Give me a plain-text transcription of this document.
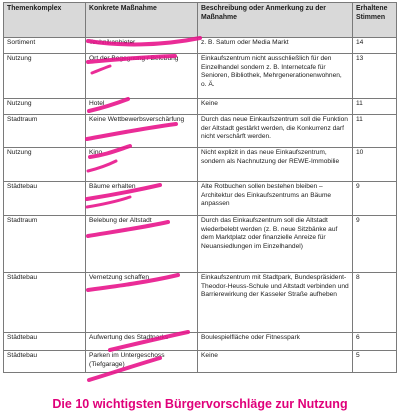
Themenkomplex	Konkrete Maßnahme	Beschreibung oder Anmerkung zu der Maßnahme	Erhaltene Stimmen
Sortiment	Technikanbieter	z. B. Saturn oder Media Markt	14
Nutzung	Ort der Begegnung / Belebung	Einkaufszentrum nicht ausschließlich für den Einzelhandel sondern z. B. Internetcafe für Senioren, Bibliothek, Mehrgenerationenwohnen, o. Ä.	13
Nutzung	Hotel	Keine	11
Stadtraum	Keine Wettbewerbsverschärfung	Durch das neue Einkaufszentrum soll die Funktion der Altstadt gestärkt werden, die Konkurrenz darf nicht verschärft werden.	11
Nutzung	Kino	Nicht explizit in das neue Einkaufszentrum, sondern als Nachnutzung der REWE-Immobilie	10
Städtebau	Bäume erhalten	Alte Rotbuchen sollen bestehen bleiben – Architektur des Einkaufszentrums an Bäume anpassen	9
Stadtraum	Belebung der Altstadt	Durch das Einkaufszentrum soll die Altstadt wiederbelebt werden (z. B. neue Sitzbänke auf dem Marktplatz oder finanzielle Anreize für Neuansiedlungen im Einzelhandel)	9
Städtebau	Vernetzung schaffen	Einkaufszentrum mit Stadtpark, Bundespräsident-Theodor-Heuss-Schule und Altstadt verbinden und Barrierewirkung der Kasseler Straße aufheben	8
Städtebau	Aufwertung des Stadtparks	Boulespielfläche oder Fitnesspark	6
Städtebau	Parken im Untergeschoss (Tiefgarage)	Keine	5
Die 10 wichtigsten Bürgervorschläge zur Nutzung
